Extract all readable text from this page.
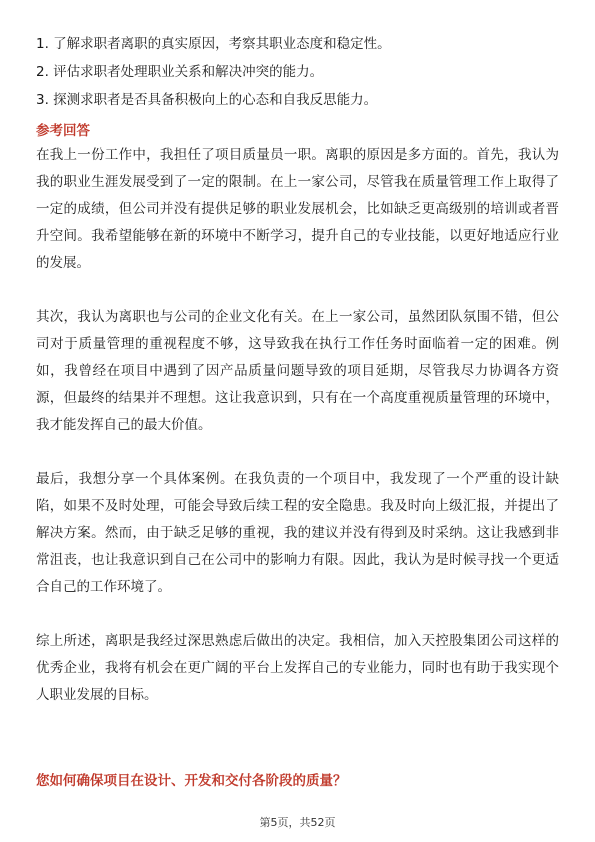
1. 了解求职者离职的真实原因，考察其职业态度和稳定性。
2. 评估求职者处理职业关系和解决冲突的能力。
3. 探测求职者是否具备积极向上的心态和自我反思能力。
参考回答

在我上一份工作中，我担任了项目质量员一职。离职的原因是多方面的。首先，我认为我的职业生涯发展受到了一定的限制。在上一家公司，尽管我在质量管理工作上取得了一定的成绩，但公司并没有提供足够的职业发展机会，比如缺乏更高级别的培训或者晋升空间。我希望能够在新的环境中不断学习，提升自己的专业技能，以更好地适应行业的发展。

其次，我认为离职也与公司的企业文化有关。在上一家公司，虽然团队氛围不错，但公司对于质量管理的重视程度不够，这导致我在执行工作任务时面临着一定的困难。例如，我曾经在项目中遇到了因产品质量问题导致的项目延期，尽管我尽力协调各方资源，但最终的结果并不理想。这让我意识到，只有在一个高度重视质量管理的环境中，我才能发挥自己的最大价值。

最后，我想分享一个具体案例。在我负责的一个项目中，我发现了一个严重的设计缺陷，如果不及时处理，可能会导致后续工程的安全隐患。我及时向上级汇报，并提出了解决方案。然而，由于缺乏足够的重视，我的建议并没有得到及时采纳。这让我感到非常沮丧，也让我意识到自己在公司中的影响力有限。因此，我认为是时候寻找一个更适合自己的工作环境了。

综上所述，离职是我经过深思熟虑后做出的决定。我相信，加入天控股集团公司这样的优秀企业，我将有机会在更广阔的平台上发挥自己的专业能力，同时也有助于我实现个人职业发展的目标。

您如何确保项目在设计、开发和交付各阶段的质量？
第5页，共52页
